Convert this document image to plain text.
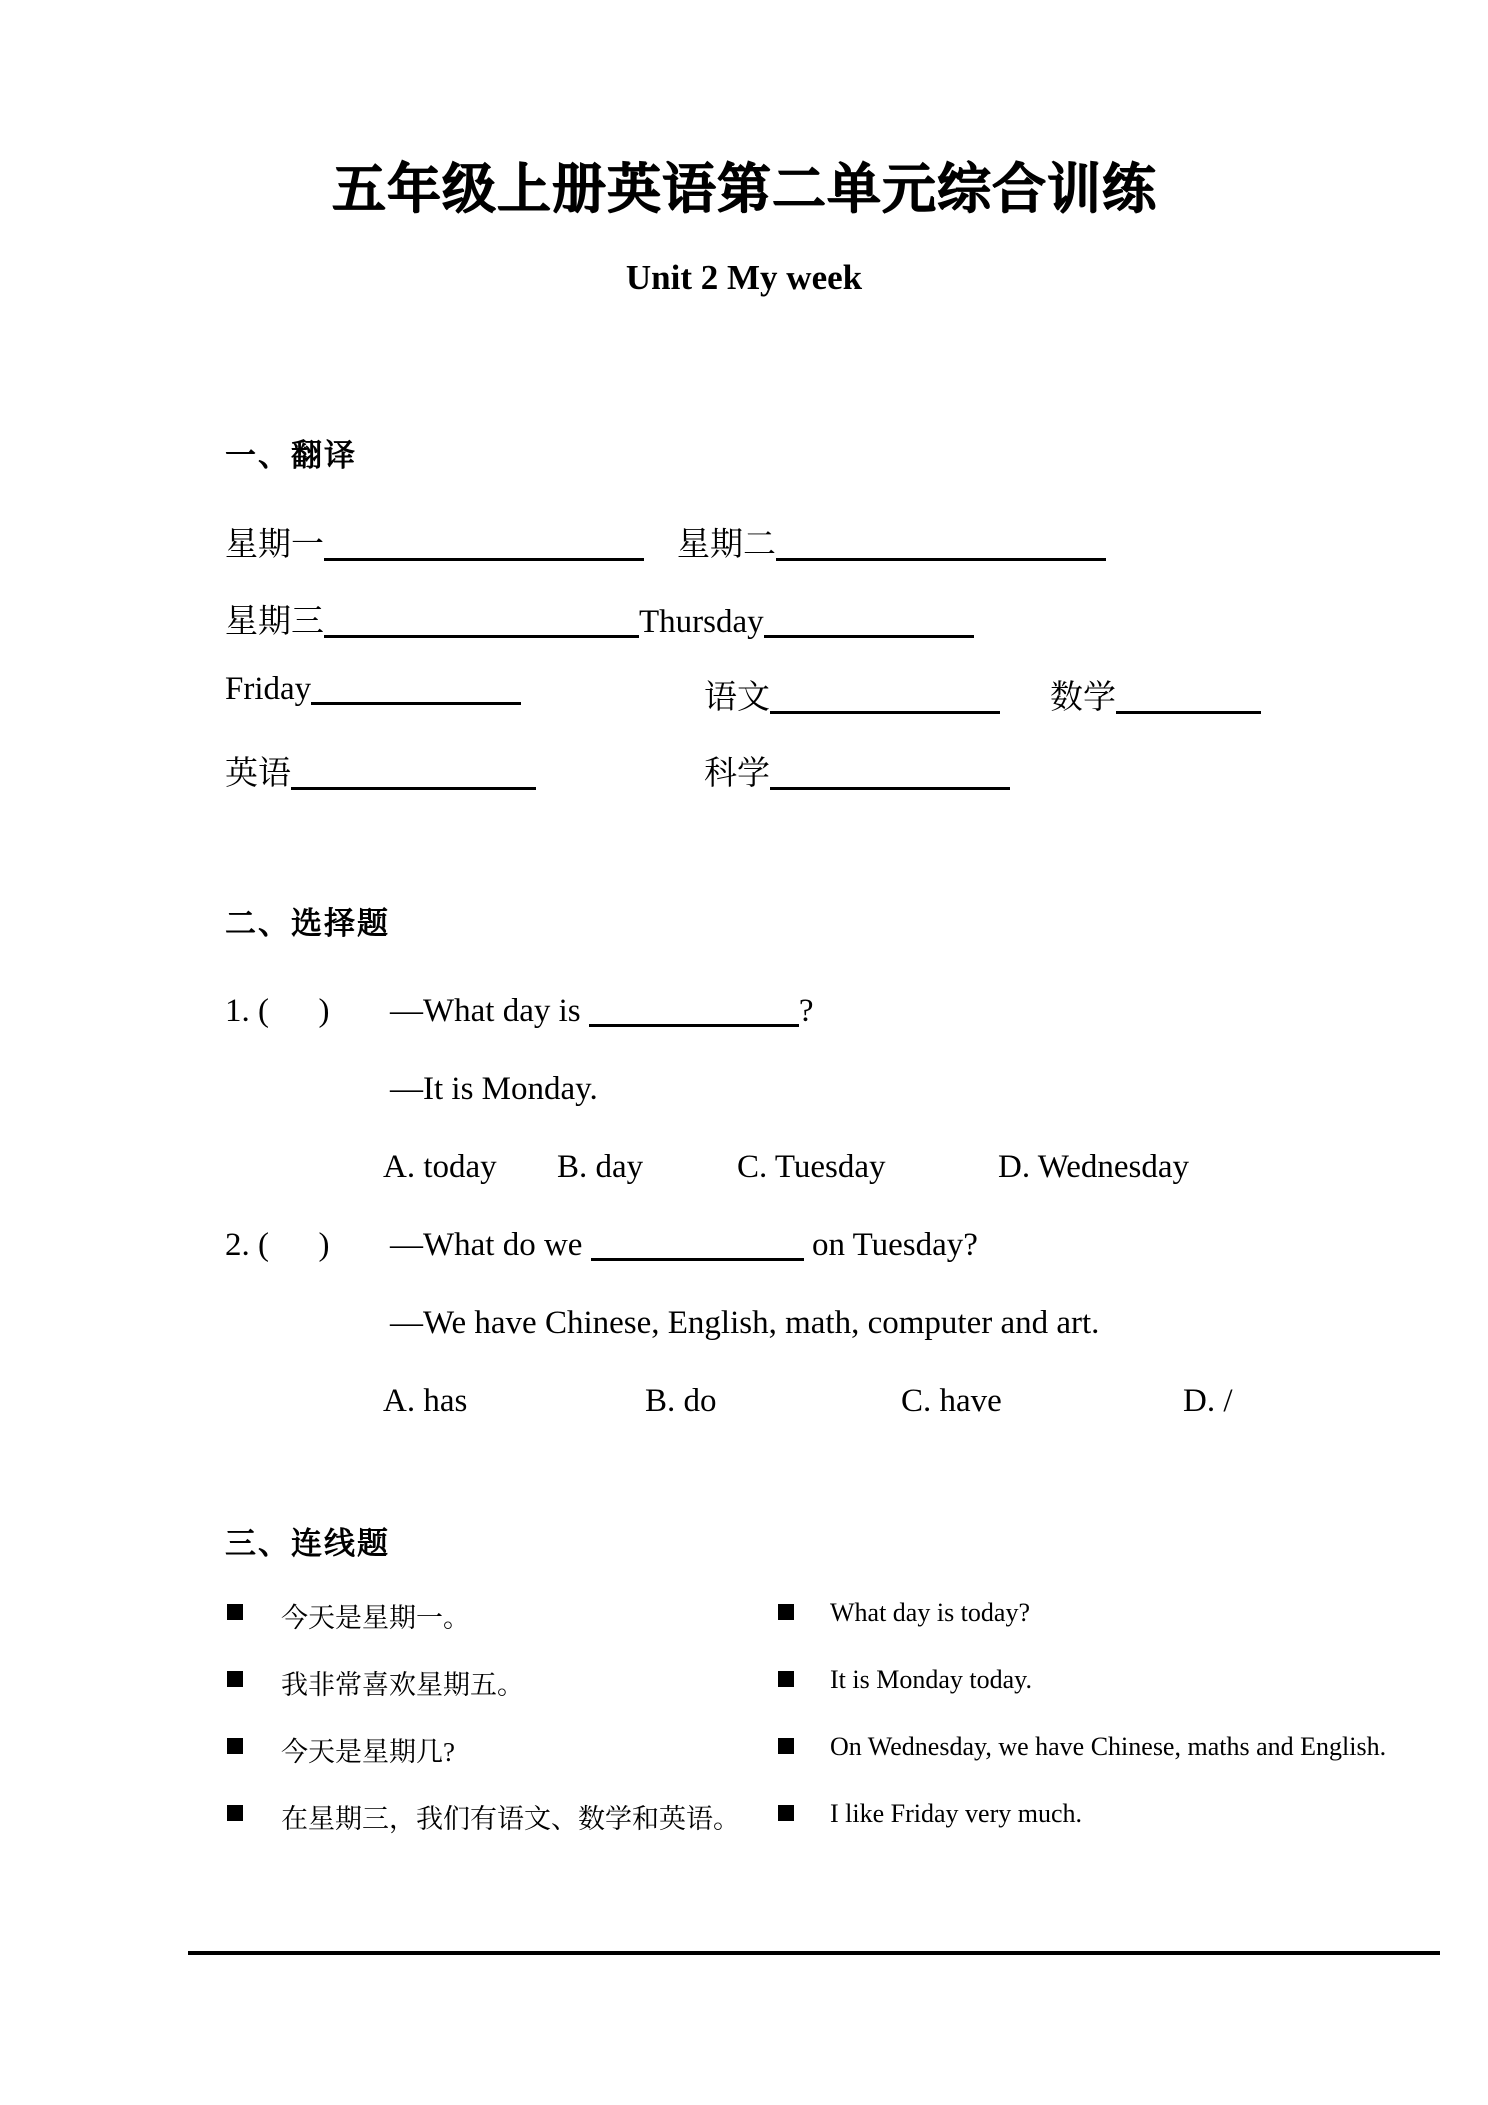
五年级上册英语第二单元综合训练
Unit 2 My week
一、翻译
星期一	星期二
星期三	Thursday
Friday	语文	数学
英语	科学
二、选择题
1. (      ) —What day is	?
—It is Monday.
A. today B. day	C. Tuesday	D. Wednesday
2. (      ) —What do we	on Tuesday?
—We have Chinese, English, math, computer and art.
A. has	B. do	C. have	D. /
三、连线题
今天是星期一。	What day is today?
我非常喜欢星期五。	It is Monday today.
今天是星期几?	On Wednesday, we have Chinese, maths and English.
在星期三，我们有语文、数学和英语。	I like Friday very much.
